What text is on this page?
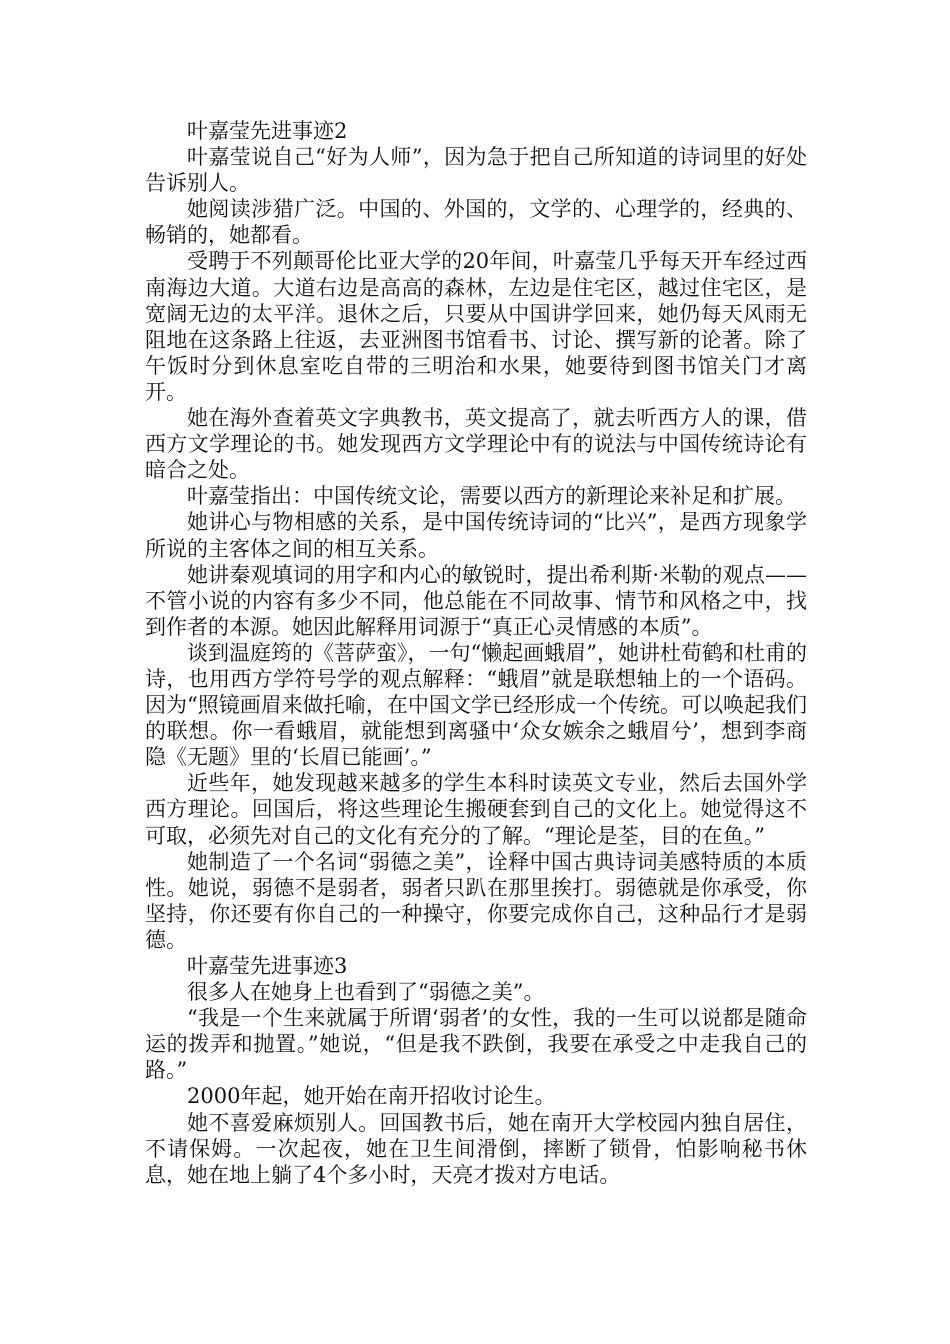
叶嘉莹先进事迹2

叶嘉莹说自己“好为人师”，因为急于把自己所知道的诗词里的好处告诉别人。

她阅读涉猎广泛。中国的、外国的，文学的、心理学的，经典的、畅销的，她都看。

受聘于不列颠哥伦比亚大学的20年间，叶嘉莹几乎每天开车经过西南海边大道。大道右边是高高的森林，左边是住宅区，越过住宅区，是宽阔无边的太平洋。退休之后，只要从中国讲学回来，她仍每天风雨无阻地在这条路上往返，去亚洲图书馆看书、讨论、撰写新的论著。除了午饭时分到休息室吃自带的三明治和水果，她要待到图书馆关门才离开。

她在海外查着英文字典教书，英文提高了，就去听西方人的课，借西方文学理论的书。她发现西方文学理论中有的说法与中国传统诗论有暗合之处。

叶嘉莹指出：中国传统文论，需要以西方的新理论来补足和扩展。

她讲心与物相感的关系，是中国传统诗词的“比兴”，是西方现象学所说的主客体之间的相互关系。

她讲秦观填词的用字和内心的敏锐时，提出希利斯·米勒的观点——不管小说的内容有多少不同，他总能在不同故事、情节和风格之中，找到作者的本源。她因此解释用词源于“真正心灵情感的本质”。

谈到温庭筠的《菩萨蛮》，一句“懒起画蛾眉”，她讲杜荀鹤和杜甫的诗，也用西方学符号学的观点解释：“蛾眉”就是联想轴上的一个语码。因为“照镜画眉来做托喻，在中国文学已经形成一个传统。可以唤起我们的联想。你一看蛾眉，就能想到离骚中‘众女嫉余之蛾眉兮’，想到李商隐《无题》里的‘长眉已能画’。”

近些年，她发现越来越多的学生本科时读英文专业，然后去国外学西方理论。回国后，将这些理论生搬硬套到自己的文化上。她觉得这不可取，必须先对自己的文化有充分的了解。“理论是荃，目的在鱼。”

她制造了一个名词“弱德之美”，诠释中国古典诗词美感特质的本质性。她说，弱德不是弱者，弱者只趴在那里挨打。弱德就是你承受，你坚持，你还要有你自己的一种操守，你要完成你自己，这种品行才是弱德。

叶嘉莹先进事迹3

很多人在她身上也看到了“弱德之美”。

“我是一个生来就属于所谓‘弱者’的女性，我的一生可以说都是随命运的拨弄和抛置。”她说，“但是我不跌倒，我要在承受之中走我自己的路。”

2000年起，她开始在南开招收讨论生。

她不喜爱麻烦别人。回国教书后，她在南开大学校园内独自居住，不请保姆。一次起夜，她在卫生间滑倒，摔断了锁骨，怕影响秘书休息，她在地上躺了4个多小时，天亮才拨对方电话。
